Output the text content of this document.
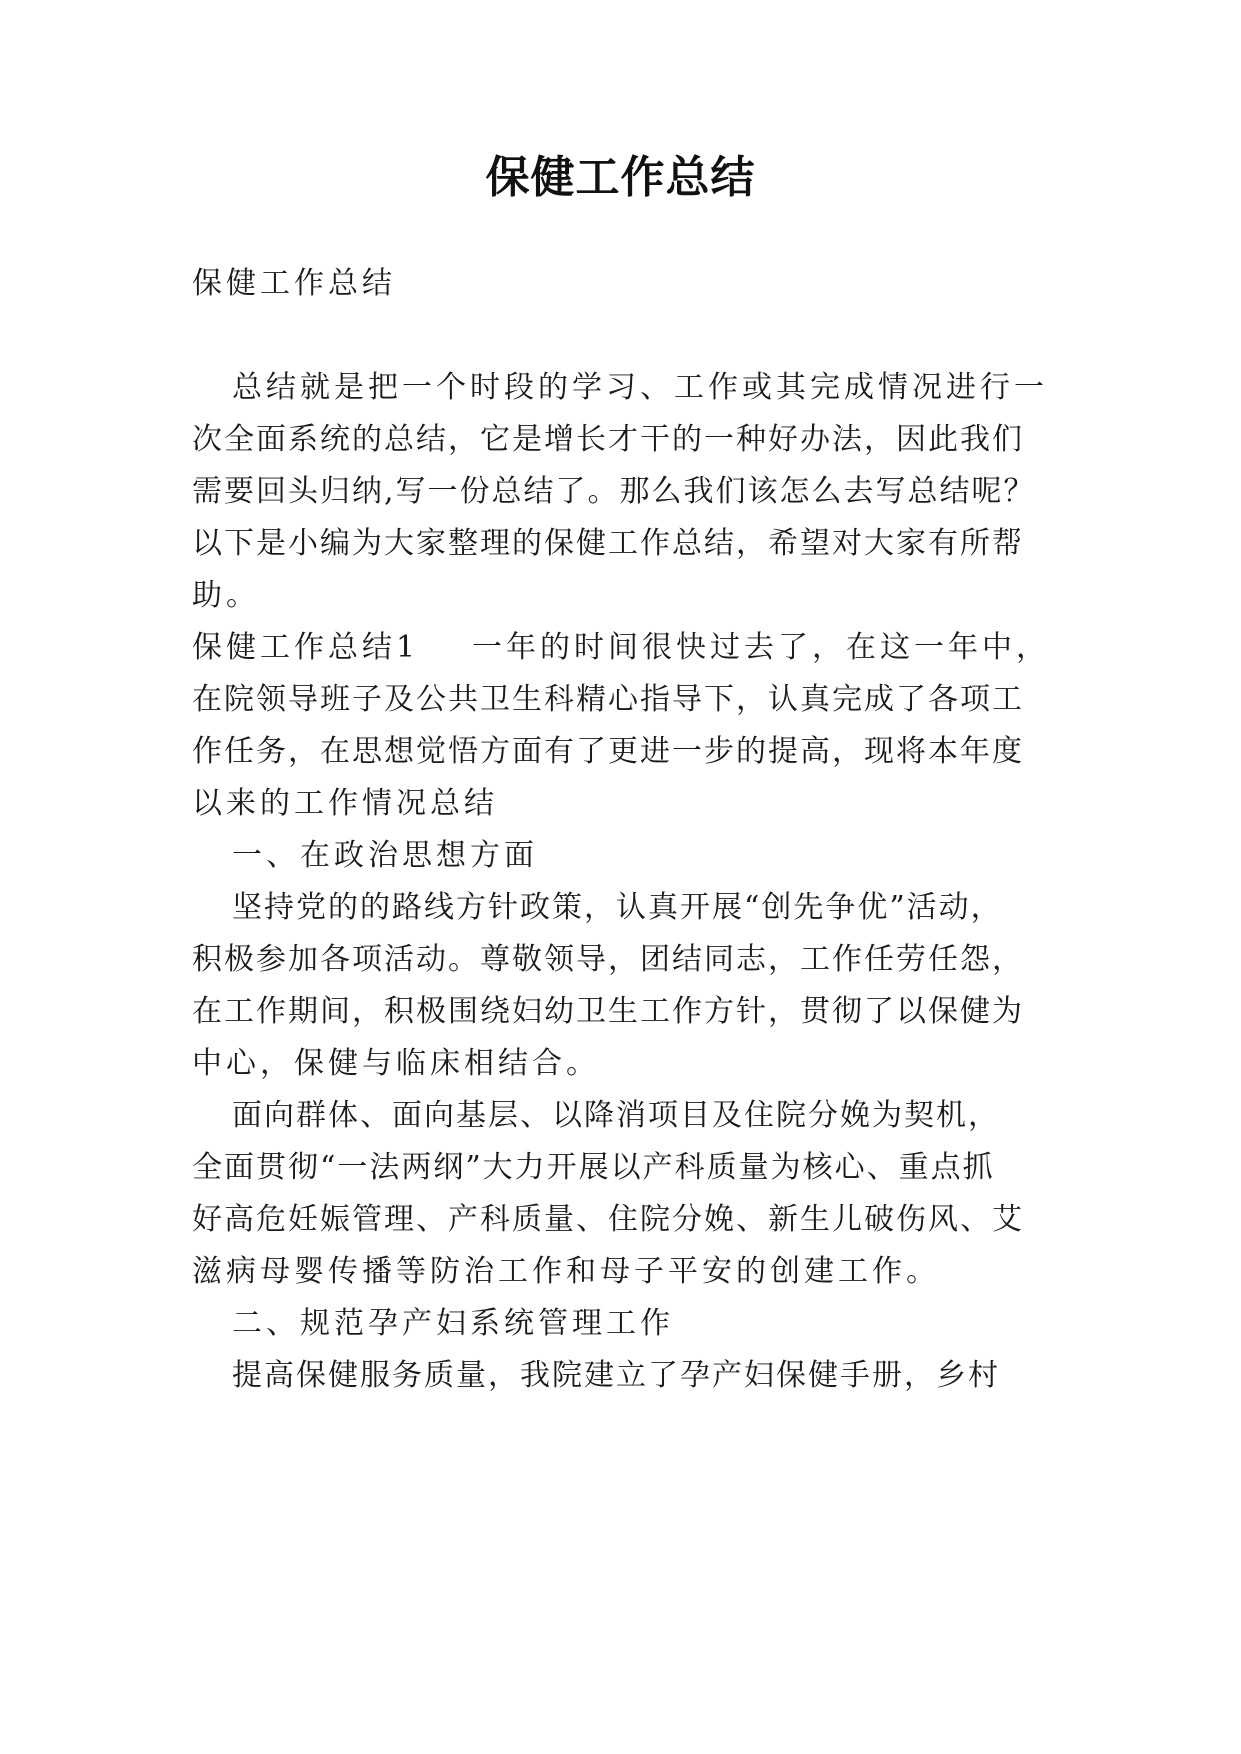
保健工作总结
保健工作总结
总结就是把一个时段的学习、工作或其完成情况进行一
次全面系统的总结，它是增长才干的一种好办法，因此我们
需要回头归纳,写一份总结了。那么我们该怎么去写总结呢？
以下是小编为大家整理的保健工作总结，希望对大家有所帮
助。
保健工作总结1 一年的时间很快过去了，在这一年中，
在院领导班子及公共卫生科精心指导下，认真完成了各项工
作任务，在思想觉悟方面有了更进一步的提高，现将本年度
以来的工作情况总结
一、在政治思想方面
坚持党的的路线方针政策，认真开展“创先争优”活动，
积极参加各项活动。尊敬领导，团结同志，工作任劳任怨，
在工作期间，积极围绕妇幼卫生工作方针，贯彻了以保健为
中心，保健与临床相结合。
面向群体、面向基层、以降消项目及住院分娩为契机，
全面贯彻“一法两纲”大力开展以产科质量为核心、重点抓
好高危妊娠管理、产科质量、住院分娩、新生儿破伤风、艾
滋病母婴传播等防治工作和母子平安的创建工作。
二、规范孕产妇系统管理工作
提高保健服务质量，我院建立了孕产妇保健手册，乡村
